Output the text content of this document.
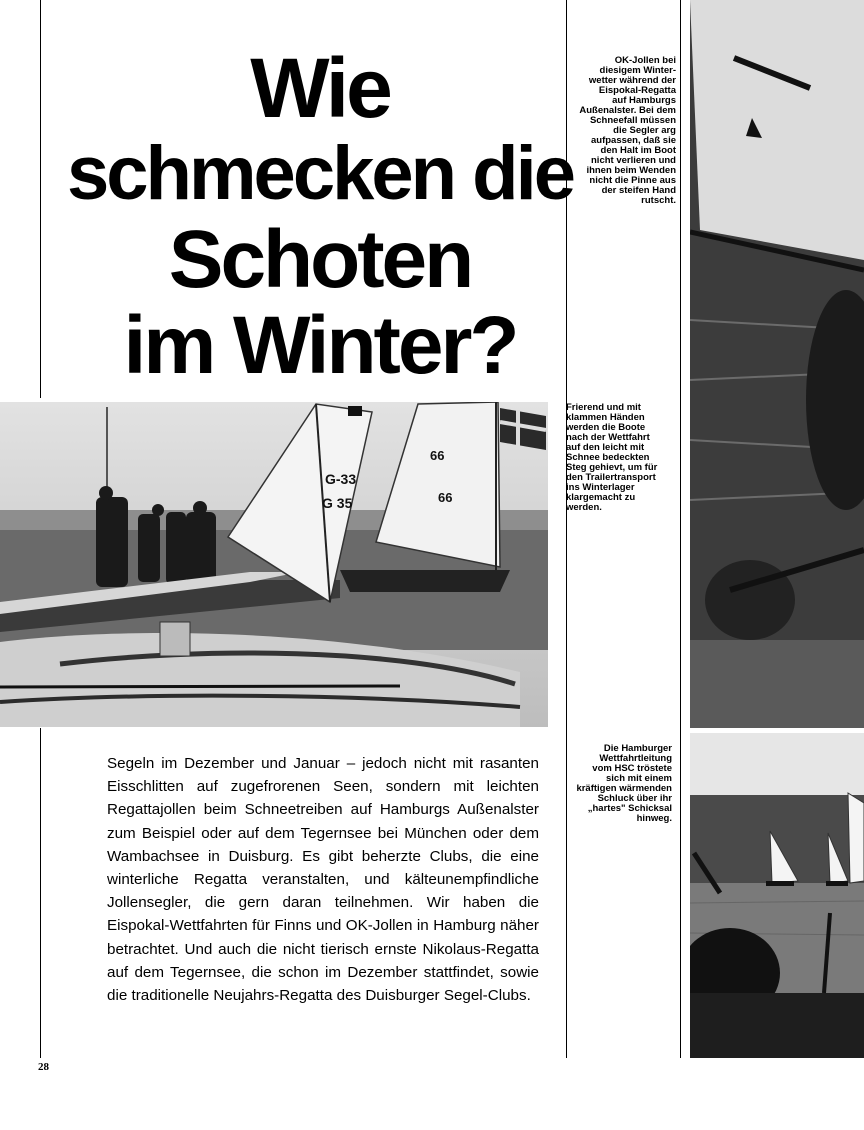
Wie
schmecken die
Schoten
im Winter?
OK-Jollen bei
diesigem Winter-
wetter während der
Eispokal-Regatta
auf Hamburgs
Außenalster. Bei dem
Schneefall müssen
die Segler arg
aufpassen, daß sie
den Halt im Boot
nicht verlieren und
ihnen beim Wenden
nicht die Pinne aus
der steifen Hand
rutscht.
Frierend und mit
klammen Händen
werden die Boote
nach der Wettfahrt
auf den leicht mit
Schnee bedeckten
Steg gehievt, um für
den Trailertransport
ins Winterlager
klargemacht zu
werden.
Die Hamburger
Wettfahrtleitung
vom HSC tröstete
sich mit einem
kräftigen wärmenden
Schluck über ihr
„hartes" Schicksal
hinweg.
G-33
G 35
66
66

Segeln im Dezember und Januar – jedoch nicht mit rasanten Eisschlitten auf zugefrorenen Seen, sondern mit leichten Regattajollen beim Schneetreiben auf Hamburgs Außenalster zum Beispiel oder auf dem Tegernsee bei München oder dem Wambachsee in Duisburg. Es gibt beherzte Clubs, die eine winterliche Regatta veranstalten, und kälteunempfindliche Jollensegler, die gern daran teilnehmen. Wir haben die Eispokal-Wettfahrten für Finns und OK-Jollen in Hamburg näher betrachtet. Und auch die nicht tierisch ernste Nikolaus-Regatta auf dem Tegernsee, die schon im Dezember stattfindet, sowie die traditionelle Neujahrs-Regatta des Duisburger Segel-Clubs.

28
